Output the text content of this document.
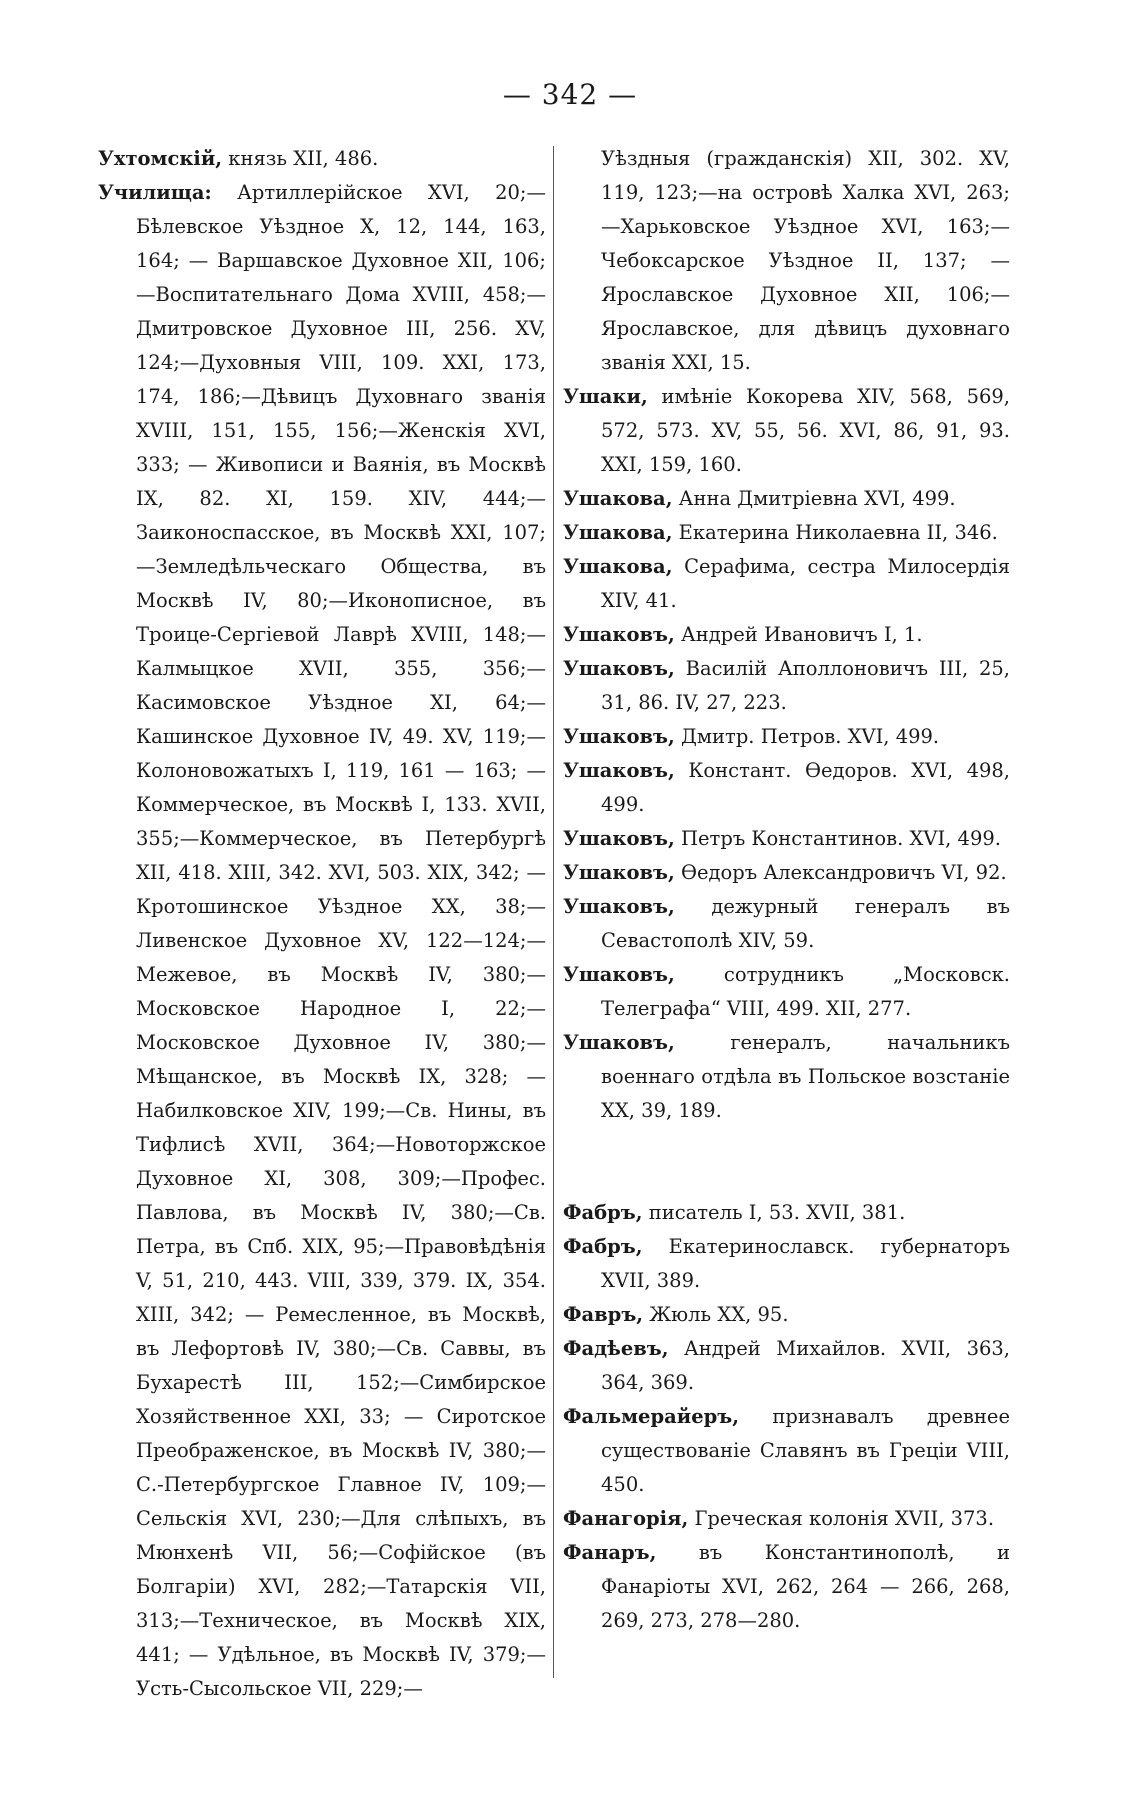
— 342 —

Ухтомскій, князь XII, 486.

Училища: Артиллерійское XVI, 20;—Бѣлевское Уѣздное X, 12, 144, 163, 164; — Варшавское Духовное XII, 106;—Воспитательнаго Дома XVIII, 458;—Дмитровское Духовное III, 256. XV, 124;—Духовныя VIII, 109. XXI, 173, 174, 186;—Дѣвицъ Духовнаго званія XVIII, 151, 155, 156;—Женскія XVI, 333; — Живописи и Ваянія, въ Москвѣ IX, 82. XI, 159. XIV, 444;—Заиконоспасское, въ Москвѣ XXI, 107;—Земледѣльческаго Общества, въ Москвѣ IV, 80;—Иконописное, въ Троице-Сергіевой Лаврѣ XVIII, 148;—Калмыцкое XVII, 355, 356;—Касимовское Уѣздное XI, 64;—Кашинское Духовное IV, 49. XV, 119;—Колоновожатыхъ I, 119, 161 — 163; — Коммерческое, въ Москвѣ I, 133. XVII, 355;—Коммерческое, въ Петербургѣ XII, 418. XIII, 342. XVI, 503. XIX, 342; — Кротошинское Уѣздное XX, 38;—Ливенское Духовное XV, 122—124;—Межевое, въ Москвѣ IV, 380;—Московское Народное I, 22;—Московское Духовное IV, 380;—Мѣщанское, въ Москвѣ IX, 328; — Набилковское XIV, 199;—Св. Нины, въ Тифлисѣ XVII, 364;—Новоторжское Духовное XI, 308, 309;—Профес. Павлова, въ Москвѣ IV, 380;—Св. Петра, въ Спб. XIX, 95;—Правовѣдѣнія V, 51, 210, 443. VIII, 339, 379. IX, 354. XIII, 342; — Ремесленное, въ Москвѣ, въ Лефортовѣ IV, 380;—Св. Саввы, въ Бухарестѣ III, 152;—Симбирское Хозяйственное XXI, 33; — Сиротское Преображенское, въ Москвѣ IV, 380;—С.-Петербургское Главное IV, 109;— Сельскія XVI, 230;—Для слѣпыхъ, въ Мюнхенѣ VII, 56;—Софійское (въ Болгаріи) XVI, 282;—Татарскія VII, 313;—Техническое, въ Москвѣ XIX, 441; — Удѣльное, въ Москвѣ IV, 379;—Усть-Сысольское VII, 229;—

Уѣздныя (гражданскія) XII, 302. XV, 119, 123;—на островѣ Халка XVI, 263;—Харьковское Уѣздное XVI, 163;—Чебоксарское Уѣздное II, 137; — Ярославское Духовное XII, 106;—Ярославское, для дѣвицъ духовнаго званія XXI, 15.

Ушаки, имѣніе Кокорева XIV, 568, 569, 572, 573. XV, 55, 56. XVI, 86, 91, 93. XXI, 159, 160.

Ушакова, Анна Дмитріевна XVI, 499.

Ушакова, Екатерина Николаевна II, 346.

Ушакова, Серафима, сестра Милосердія XIV, 41.

Ушаковъ, Андрей Ивановичъ I, 1.

Ушаковъ, Василій Аполлоновичъ III, 25, 31, 86. IV, 27, 223.

Ушаковъ, Дмитр. Петров. XVI, 499.

Ушаковъ, Констант. Ѳедоров. XVI, 498, 499.

Ушаковъ, Петръ Константинов. XVI, 499.

Ушаковъ, Ѳедоръ Александровичъ VI, 92.

Ушаковъ, дежурный генералъ въ Севастополѣ XIV, 59.

Ушаковъ, сотрудникъ „Московск. Телеграфа“ VIII, 499. XII, 277.

Ушаковъ, генералъ, начальникъ военнаго отдѣла въ Польское возстаніе XX, 39, 189.

Фабръ, писатель I, 53. XVII, 381.

Фабръ, Екатеринославск. губернаторъ XVII, 389.

Фавръ, Жюль XX, 95.

Фадѣевъ, Андрей Михайлов. XVII, 363, 364, 369.

Фальмерайеръ, признавалъ древнее существованіе Славянъ въ Греціи VIII, 450.

Фанагорія, Греческая колонія XVII, 373.

Фанаръ, въ Константинополѣ, и Фанаріоты XVI, 262, 264 — 266, 268, 269, 273, 278—280.
